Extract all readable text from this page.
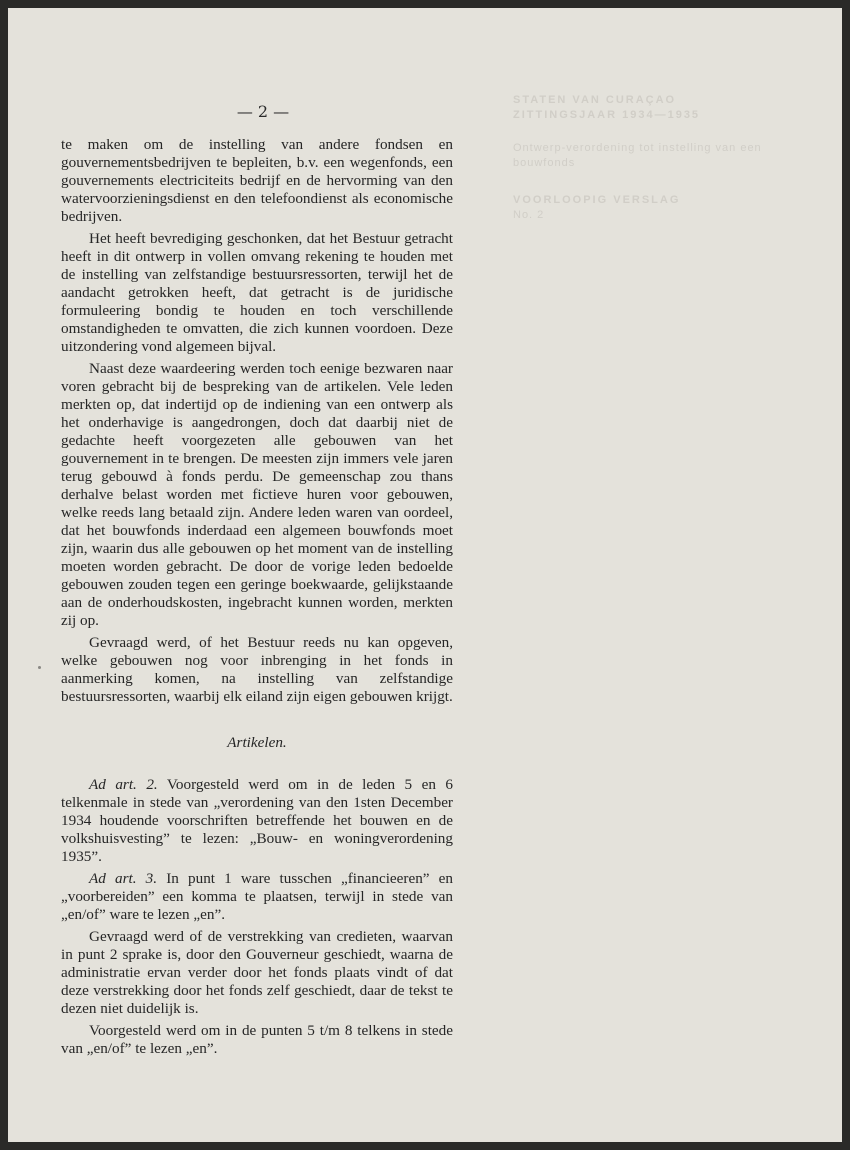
STATEN VAN CURAÇAO
ZITTINGSJAAR 1934—1935
Ontwerp-verordening tot instelling van een
bouwfonds
VOORLOOPIG VERSLAG
No. 2
— 2 —

te maken om de instelling van andere fondsen en gouvernementsbedrijven te bepleiten, b.v. een wegenfonds, een gouvernements electriciteits bedrijf en de hervorming van den watervoorzieningsdienst en den telefoondienst als economische bedrijven.

Het heeft bevrediging geschonken, dat het Bestuur getracht heeft in dit ontwerp in vollen omvang rekening te houden met de instelling van zelfstandige bestuursressorten, terwijl het de aandacht getrokken heeft, dat getracht is de juridische formuleering bondig te houden en toch verschillende omstandigheden te omvatten, die zich kunnen voordoen. Deze uitzondering vond algemeen bijval.

Naast deze waardeering werden toch eenige bezwaren naar voren gebracht bij de bespreking van de artikelen. Vele leden merkten op, dat indertijd op de indiening van een ontwerp als het onderhavige is aangedrongen, doch dat daarbij niet de gedachte heeft voorgezeten alle gebouwen van het gouvernement in te brengen. De meesten zijn immers vele jaren terug gebouwd à fonds perdu. De gemeenschap zou thans derhalve belast worden met fictieve huren voor gebouwen, welke reeds lang betaald zijn. Andere leden waren van oordeel, dat het bouwfonds inderdaad een algemeen bouwfonds moet zijn, waarin dus alle gebouwen op het moment van de instelling moeten worden gebracht. De door de vorige leden bedoelde gebouwen zouden tegen een geringe boekwaarde, gelijkstaande aan de onderhoudskosten, ingebracht kunnen worden, merkten zij op.

Gevraagd werd, of het Bestuur reeds nu kan opgeven, welke gebouwen nog voor inbrenging in het fonds in aanmerking komen, na instelling van zelfstandige bestuursressorten, waarbij elk eiland zijn eigen gebouwen krijgt.

Artikelen.

Ad art. 2. Voorgesteld werd om in de leden 5 en 6 telkenmale in stede van „verordening van den 1sten December 1934 houdende voorschriften betreffende het bouwen en de volkshuisvesting” te lezen: „Bouw- en woningverordening 1935”.

Ad art. 3. In punt 1 ware tusschen „financieeren” en „voorbereiden” een komma te plaatsen, terwijl in stede van „en/of” ware te lezen „en”.

Gevraagd werd of de verstrekking van credieten, waarvan in punt 2 sprake is, door den Gouverneur geschiedt, waarna de administratie ervan verder door het fonds plaats vindt of dat deze verstrekking door het fonds zelf geschiedt, daar de tekst te dezen niet duidelijk is.

Voorgesteld werd om in de punten 5 t/m 8 telkens in stede van „en/of” te lezen „en”.
